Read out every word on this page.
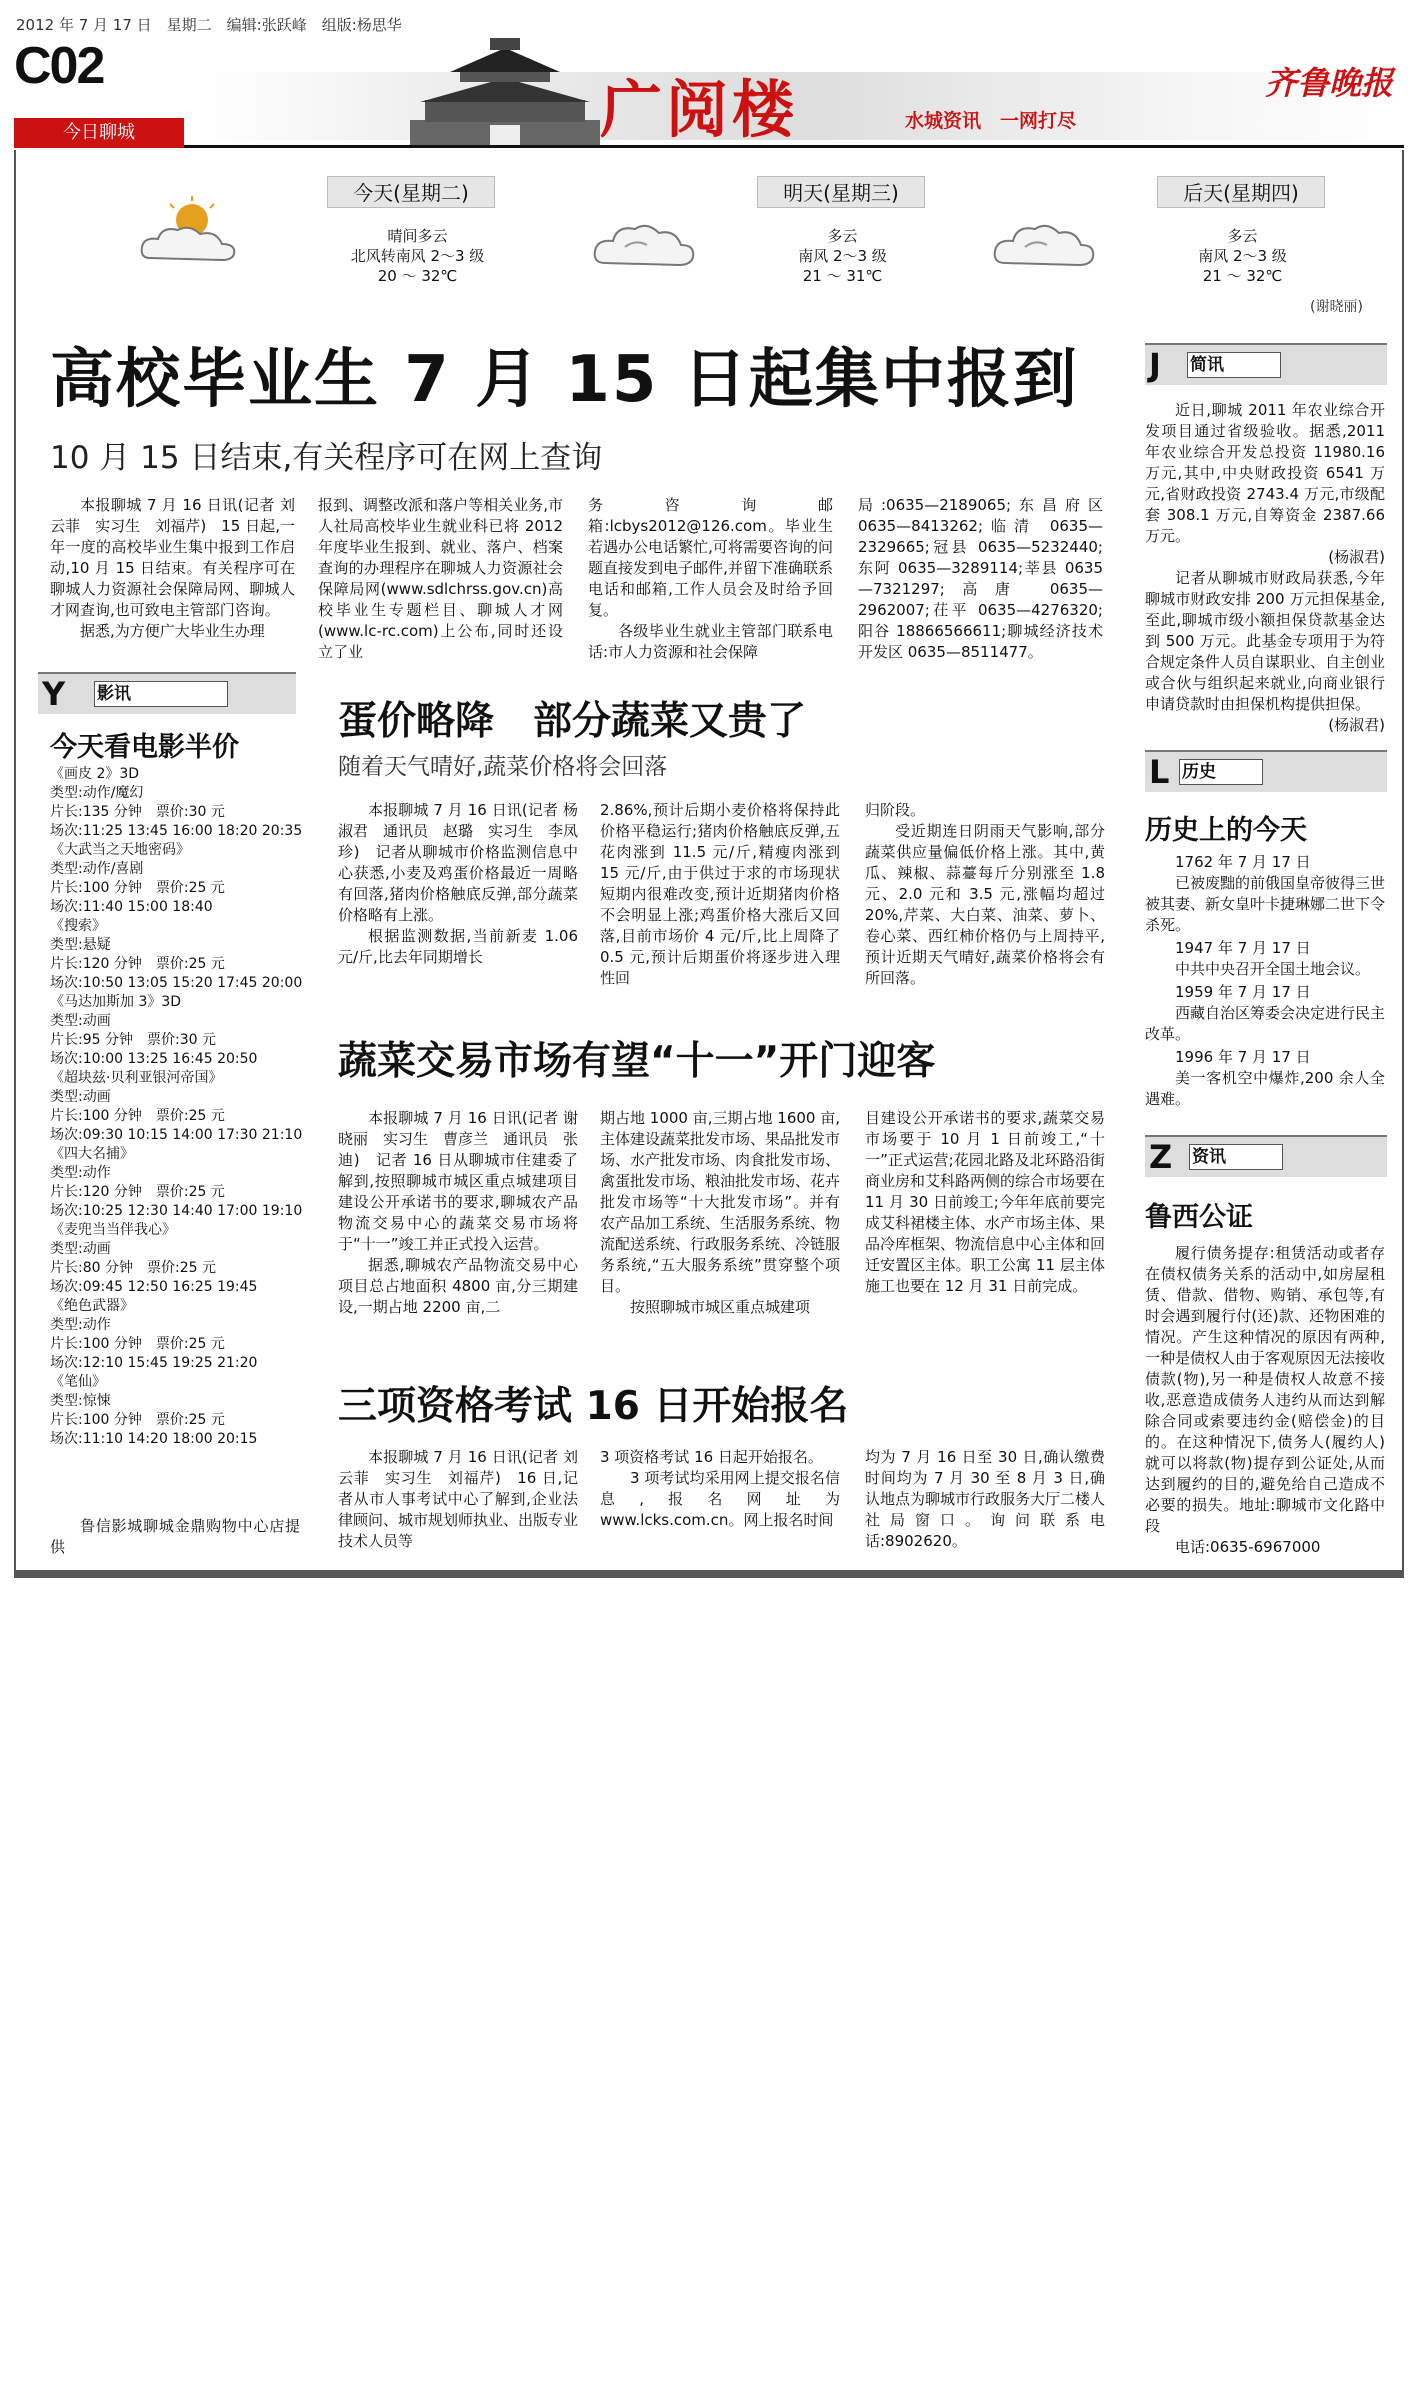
2012 年 7 月 17 日　星期二　编辑:张跃峰　组版:杨思华
C02
广阅楼	水城资讯　一网打尽
齐鲁晚报
今日聊城
今天(星期二)
晴间多云
北风转南风 2～3 级
20 ～ 32℃
明天(星期三)
多云
南风 2～3 级
21 ～ 31℃
后天(星期四)
多云
南风 2～3 级
21 ～ 32℃
(谢晓丽)
高校毕业生 7 月 15 日起集中报到
10 月 15 日结束,有关程序可在网上查询

本报聊城 7 月 16 日讯(记者 刘云菲　实习生　刘福芹)　15 日起,一年一度的高校毕业生集中报到工作启动,10 月 15 日结束。有关程序可在聊城人力资源社会保障局网、聊城人才网查询,也可致电主管部门咨询。

据悉,为方便广大毕业生办理

报到、调整改派和落户等相关业务,市人社局高校毕业生就业科已将 2012 年度毕业生报到、就业、落户、档案查询的办理程序在聊城人力资源社会保障局网(www.sdlchrss.gov.cn)高校毕业生专题栏目、聊城人才网(www.lc-rc.com)上公布,同时还设立了业

务咨询邮箱:lcbys2012@126.com。毕业生若遇办公电话繁忙,可将需要咨询的问题直接发到电子邮件,并留下准确联系电话和邮箱,工作人员会及时给予回复。

各级毕业生就业主管部门联系电话:市人力资源和社会保障

局:0635—2189065;东昌府区 0635—8413262;临清 0635—2329665;冠县 0635—5232440;东阿 0635—3289114;莘县 0635—7321297;高唐 0635—2962007;茌平 0635—4276320;阳谷 18866566611;聊城经济技术开发区 0635—8511477。

Y 影讯
今天看电影半价
《画皮 2》3D
类型:动作/魔幻
片长:135 分钟　票价:30 元
场次:11:25 13:45 16:00 18:20 20:35
《大武当之天地密码》
类型:动作/喜剧
片长:100 分钟　票价:25 元
场次:11:40 15:00 18:40
《搜索》
类型:悬疑
片长:120 分钟　票价:25 元
场次:10:50 13:05 15:20 17:45 20:00
《马达加斯加 3》3D
类型:动画
片长:95 分钟　票价:30 元
场次:10:00 13:25 16:45 20:50
《超块兹·贝利亚银河帝国》
类型:动画
片长:100 分钟　票价:25 元
场次:09:30 10:15 14:00 17:30 21:10
《四大名捕》
类型:动作
片长:120 分钟　票价:25 元
场次:10:25 12:30 14:40 17:00 19:10
《麦兜当当伴我心》
类型:动画
片长:80 分钟　票价:25 元
场次:09:45 12:50 16:25 19:45
《绝色武器》
类型:动作
片长:100 分钟　票价:25 元
场次:12:10 15:45 19:25 21:20
《笔仙》
类型:惊悚
片长:100 分钟　票价:25 元
场次:11:10 14:20 18:00 20:15

鲁信影城聊城金鼎购物中心店提供

蛋价略降　部分蔬菜又贵了
随着天气晴好,蔬菜价格将会回落

本报聊城 7 月 16 日讯(记者 杨淑君　通讯员　赵璐　实习生　李凤珍)　记者从聊城市价格监测信息中心获悉,小麦及鸡蛋价格最近一周略有回落,猪肉价格触底反弹,部分蔬菜价格略有上涨。

根据监测数据,当前新麦 1.06 元/斤,比去年同期增长

2.86%,预计后期小麦价格将保持此价格平稳运行;猪肉价格触底反弹,五花肉涨到 11.5 元/斤,精瘦肉涨到 15 元/斤,由于供过于求的市场现状短期内很难改变,预计近期猪肉价格不会明显上涨;鸡蛋价格大涨后又回落,目前市场价 4 元/斤,比上周降了 0.5 元,预计后期蛋价将逐步进入理性回

归阶段。

受近期连日阴雨天气影响,部分蔬菜供应量偏低价格上涨。其中,黄瓜、辣椒、蒜薹每斤分别涨至 1.8 元、2.0 元和 3.5 元,涨幅均超过 20%,芹菜、大白菜、油菜、萝卜、卷心菜、西红柿价格仍与上周持平,预计近期天气晴好,蔬菜价格将会有所回落。

蔬菜交易市场有望“十一”开门迎客

本报聊城 7 月 16 日讯(记者 谢晓丽　实习生　曹彦兰　通讯员　张迪)　记者 16 日从聊城市住建委了解到,按照聊城市城区重点城建项目建设公开承诺书的要求,聊城农产品物流交易中心的蔬菜交易市场将于“十一”竣工并正式投入运营。

据悉,聊城农产品物流交易中心项目总占地面积 4800 亩,分三期建设,一期占地 2200 亩,二

期占地 1000 亩,三期占地 1600 亩,主体建设蔬菜批发市场、果品批发市场、水产批发市场、肉食批发市场、禽蛋批发市场、粮油批发市场、花卉批发市场等“十大批发市场”。并有农产品加工系统、生活服务系统、物流配送系统、行政服务系统、冷链服务系统,“五大服务系统”贯穿整个项目。

按照聊城市城区重点城建项

目建设公开承诺书的要求,蔬菜交易市场要于 10 月 1 日前竣工,“十一”正式运营;花园北路及北环路沿街商业房和艾科路两侧的综合市场要在 11 月 30 日前竣工;今年年底前要完成艾科裙楼主体、水产市场主体、果品冷库框架、物流信息中心主体和回迁安置区主体。职工公寓 11 层主体施工也要在 12 月 31 日前完成。

三项资格考试 16 日开始报名

本报聊城 7 月 16 日讯(记者 刘云菲　实习生　刘福芹)　16 日,记者从市人事考试中心了解到,企业法律顾问、城市规划师执业、出版专业技术人员等

3 项资格考试 16 日起开始报名。

3 项考试均采用网上提交报名信息,报名网址为 www.lcks.com.cn。网上报名时间

均为 7 月 16 日至 30 日,确认缴费时间均为 7 月 30 至 8 月 3 日,确认地点为聊城市行政服务大厅二楼人社局窗口。询问联系电话:8902620。

J 简讯

近日,聊城 2011 年农业综合开发项目通过省级验收。据悉,2011 年农业综合开发总投资 11980.16 万元,其中,中央财政投资 6541 万元,省财政投资 2743.4 万元,市级配套 308.1 万元,自筹资金 2387.66 万元。

(杨淑君)

记者从聊城市财政局获悉,今年聊城市财政安排 200 万元担保基金,至此,聊城市级小额担保贷款基金达到 500 万元。此基金专项用于为符合规定条件人员自谋职业、自主创业或合伙与组织起来就业,向商业银行申请贷款时由担保机构提供担保。

(杨淑君)

L 历史
历史上的今天

1762 年 7 月 17 日

已被废黜的前俄国皇帝彼得三世被其妻、新女皇叶卡捷琳娜二世下令杀死。

1947 年 7 月 17 日

中共中央召开全国土地会议。

1959 年 7 月 17 日

西藏自治区筹委会决定进行民主改革。

1996 年 7 月 17 日

美一客机空中爆炸,200 余人全遇难。

Z 资讯
鲁西公证

履行债务提存:租赁活动或者存在债权债务关系的活动中,如房屋租赁、借款、借物、购销、承包等,有时会遇到履行付(还)款、还物困难的情况。产生这种情况的原因有两种,一种是债权人由于客观原因无法接收债款(物),另一种是债权人故意不接收,恶意造成债务人违约从而达到解除合同或索要违约金(赔偿金)的目的。在这种情况下,债务人(履约人)就可以将款(物)提存到公证处,从而达到履约的目的,避免给自己造成不必要的损失。地址:聊城市文化路中段

电话:0635-6967000
